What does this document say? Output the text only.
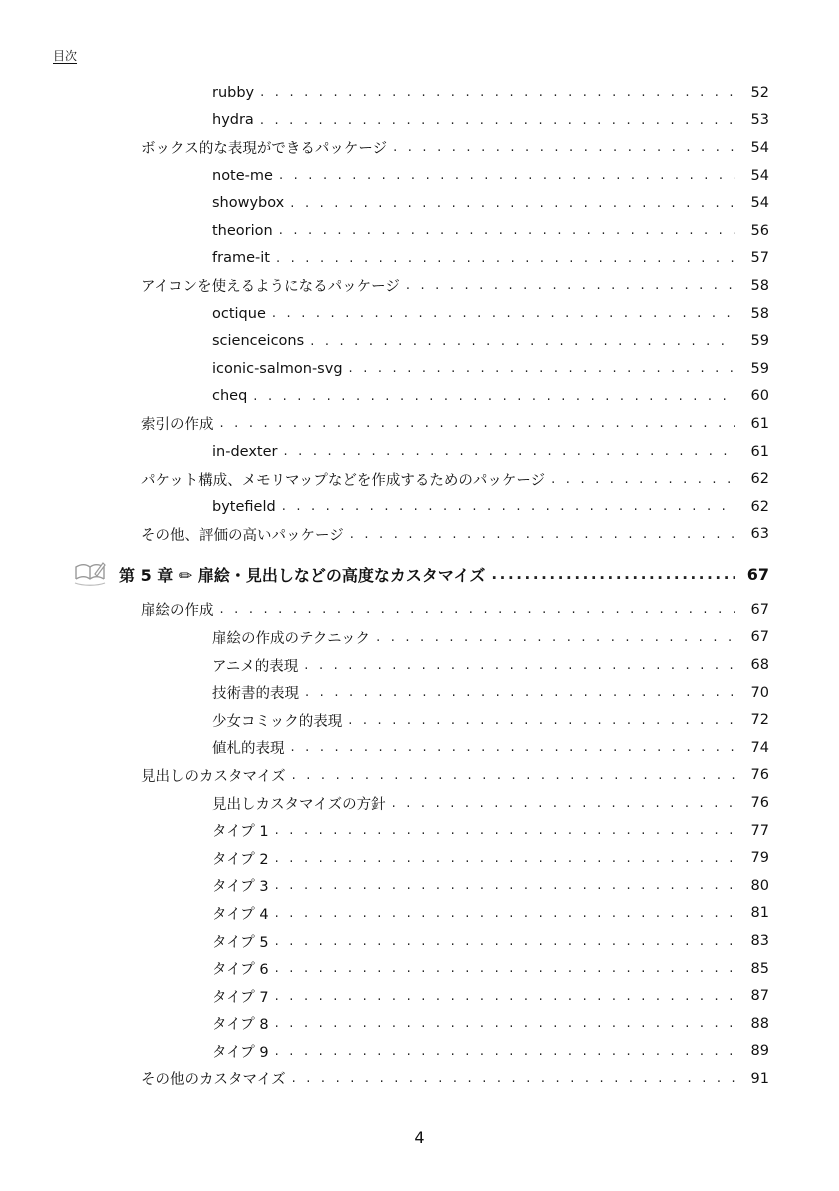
目次
rubby . . .	52
hydra . . .	53
ボックス的な表現ができるパッケージ . . .	54
note-me . . .	54
showybox . . .	54
theorion . . .	56
frame-it . . .	57
アイコンを使えるようになるパッケージ . . .	58
octique . . .	58
scienceicons . . .	59
iconic-salmon-svg . . .	59
cheq . . .	60
索引の作成 . . .	61
in-dexter . . .	61
パケット構成、メモリマップなどを作成するためのパッケージ . . .	62
bytefield . . .	62
その他、評価の高いパッケージ . . .	63
第 5 章 ✏ 扉絵・見出しなどの高度なカスタマイズ .....	67
扉絵の作成 . . .	67
扉絵の作成のテクニック . . .	67
アニメ的表現 . . .	68
技術書的表現 . . .	70
少女コミック的表現 . . .	72
値札的表現 . . .	74
見出しのカスタマイズ . . .	76
見出しカスタマイズの方針 . . .	76
タイプ 1 . . .	77
タイプ 2 . . .	79
タイプ 3 . . .	80
タイプ 4 . . .	81
タイプ 5 . . .	83
タイプ 6 . . .	85
タイプ 7 . . .	87
タイプ 8 . . .	88
タイプ 9 . . .	89
その他のカスタマイズ . . .	91
4
